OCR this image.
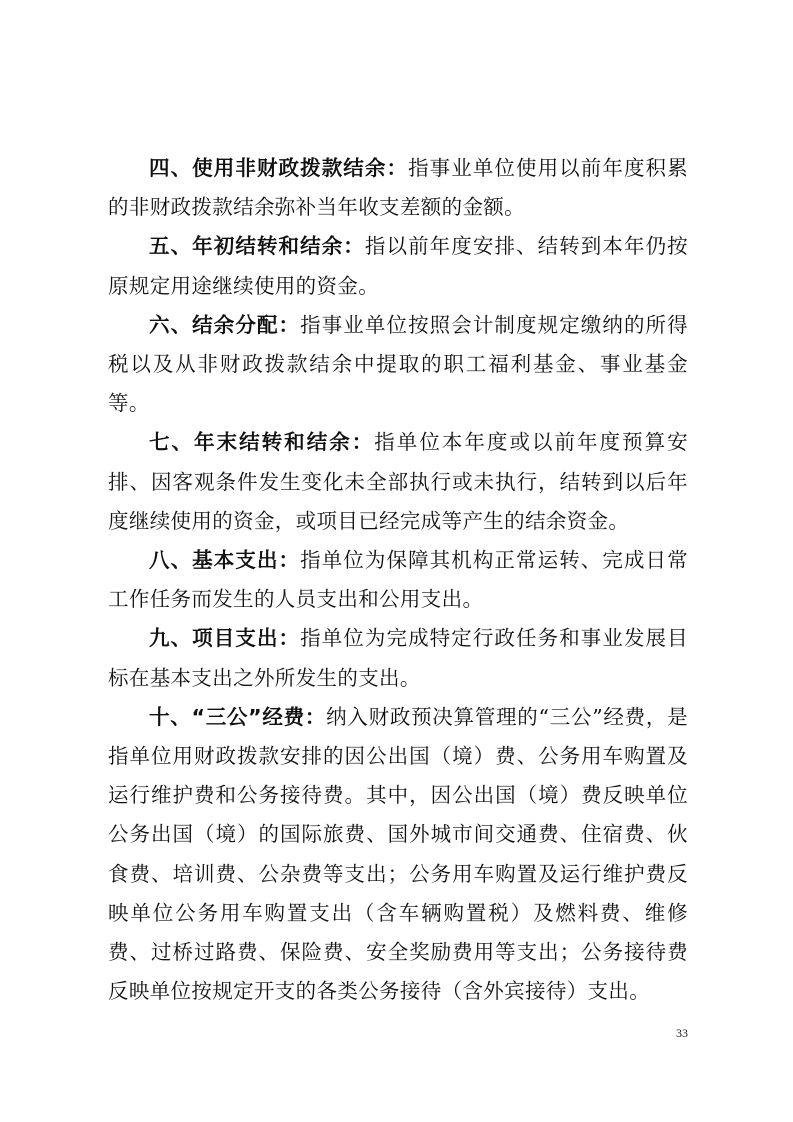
四、使用非财政拨款结余：指事业单位使用以前年度积累的非财政拨款结余弥补当年收支差额的金额。

五、年初结转和结余：指以前年度安排、结转到本年仍按原规定用途继续使用的资金。

六、结余分配：指事业单位按照会计制度规定缴纳的所得税以及从非财政拨款结余中提取的职工福利基金、事业基金等。

七、年末结转和结余：指单位本年度或以前年度预算安排、因客观条件发生变化未全部执行或未执行，结转到以后年度继续使用的资金，或项目已经完成等产生的结余资金。

八、基本支出：指单位为保障其机构正常运转、完成日常工作任务而发生的人员支出和公用支出。

九、项目支出：指单位为完成特定行政任务和事业发展目标在基本支出之外所发生的支出。

十、“三公”经费：纳入财政预决算管理的“三公”经费，是指单位用财政拨款安排的因公出国（境）费、公务用车购置及运行维护费和公务接待费。其中，因公出国（境）费反映单位公务出国（境）的国际旅费、国外城市间交通费、住宿费、伙食费、培训费、公杂费等支出；公务用车购置及运行维护费反映单位公务用车购置支出（含车辆购置税）及燃料费、维修费、过桥过路费、保险费、安全奖励费用等支出；公务接待费反映单位按规定开支的各类公务接待（含外宾接待）支出。

33
